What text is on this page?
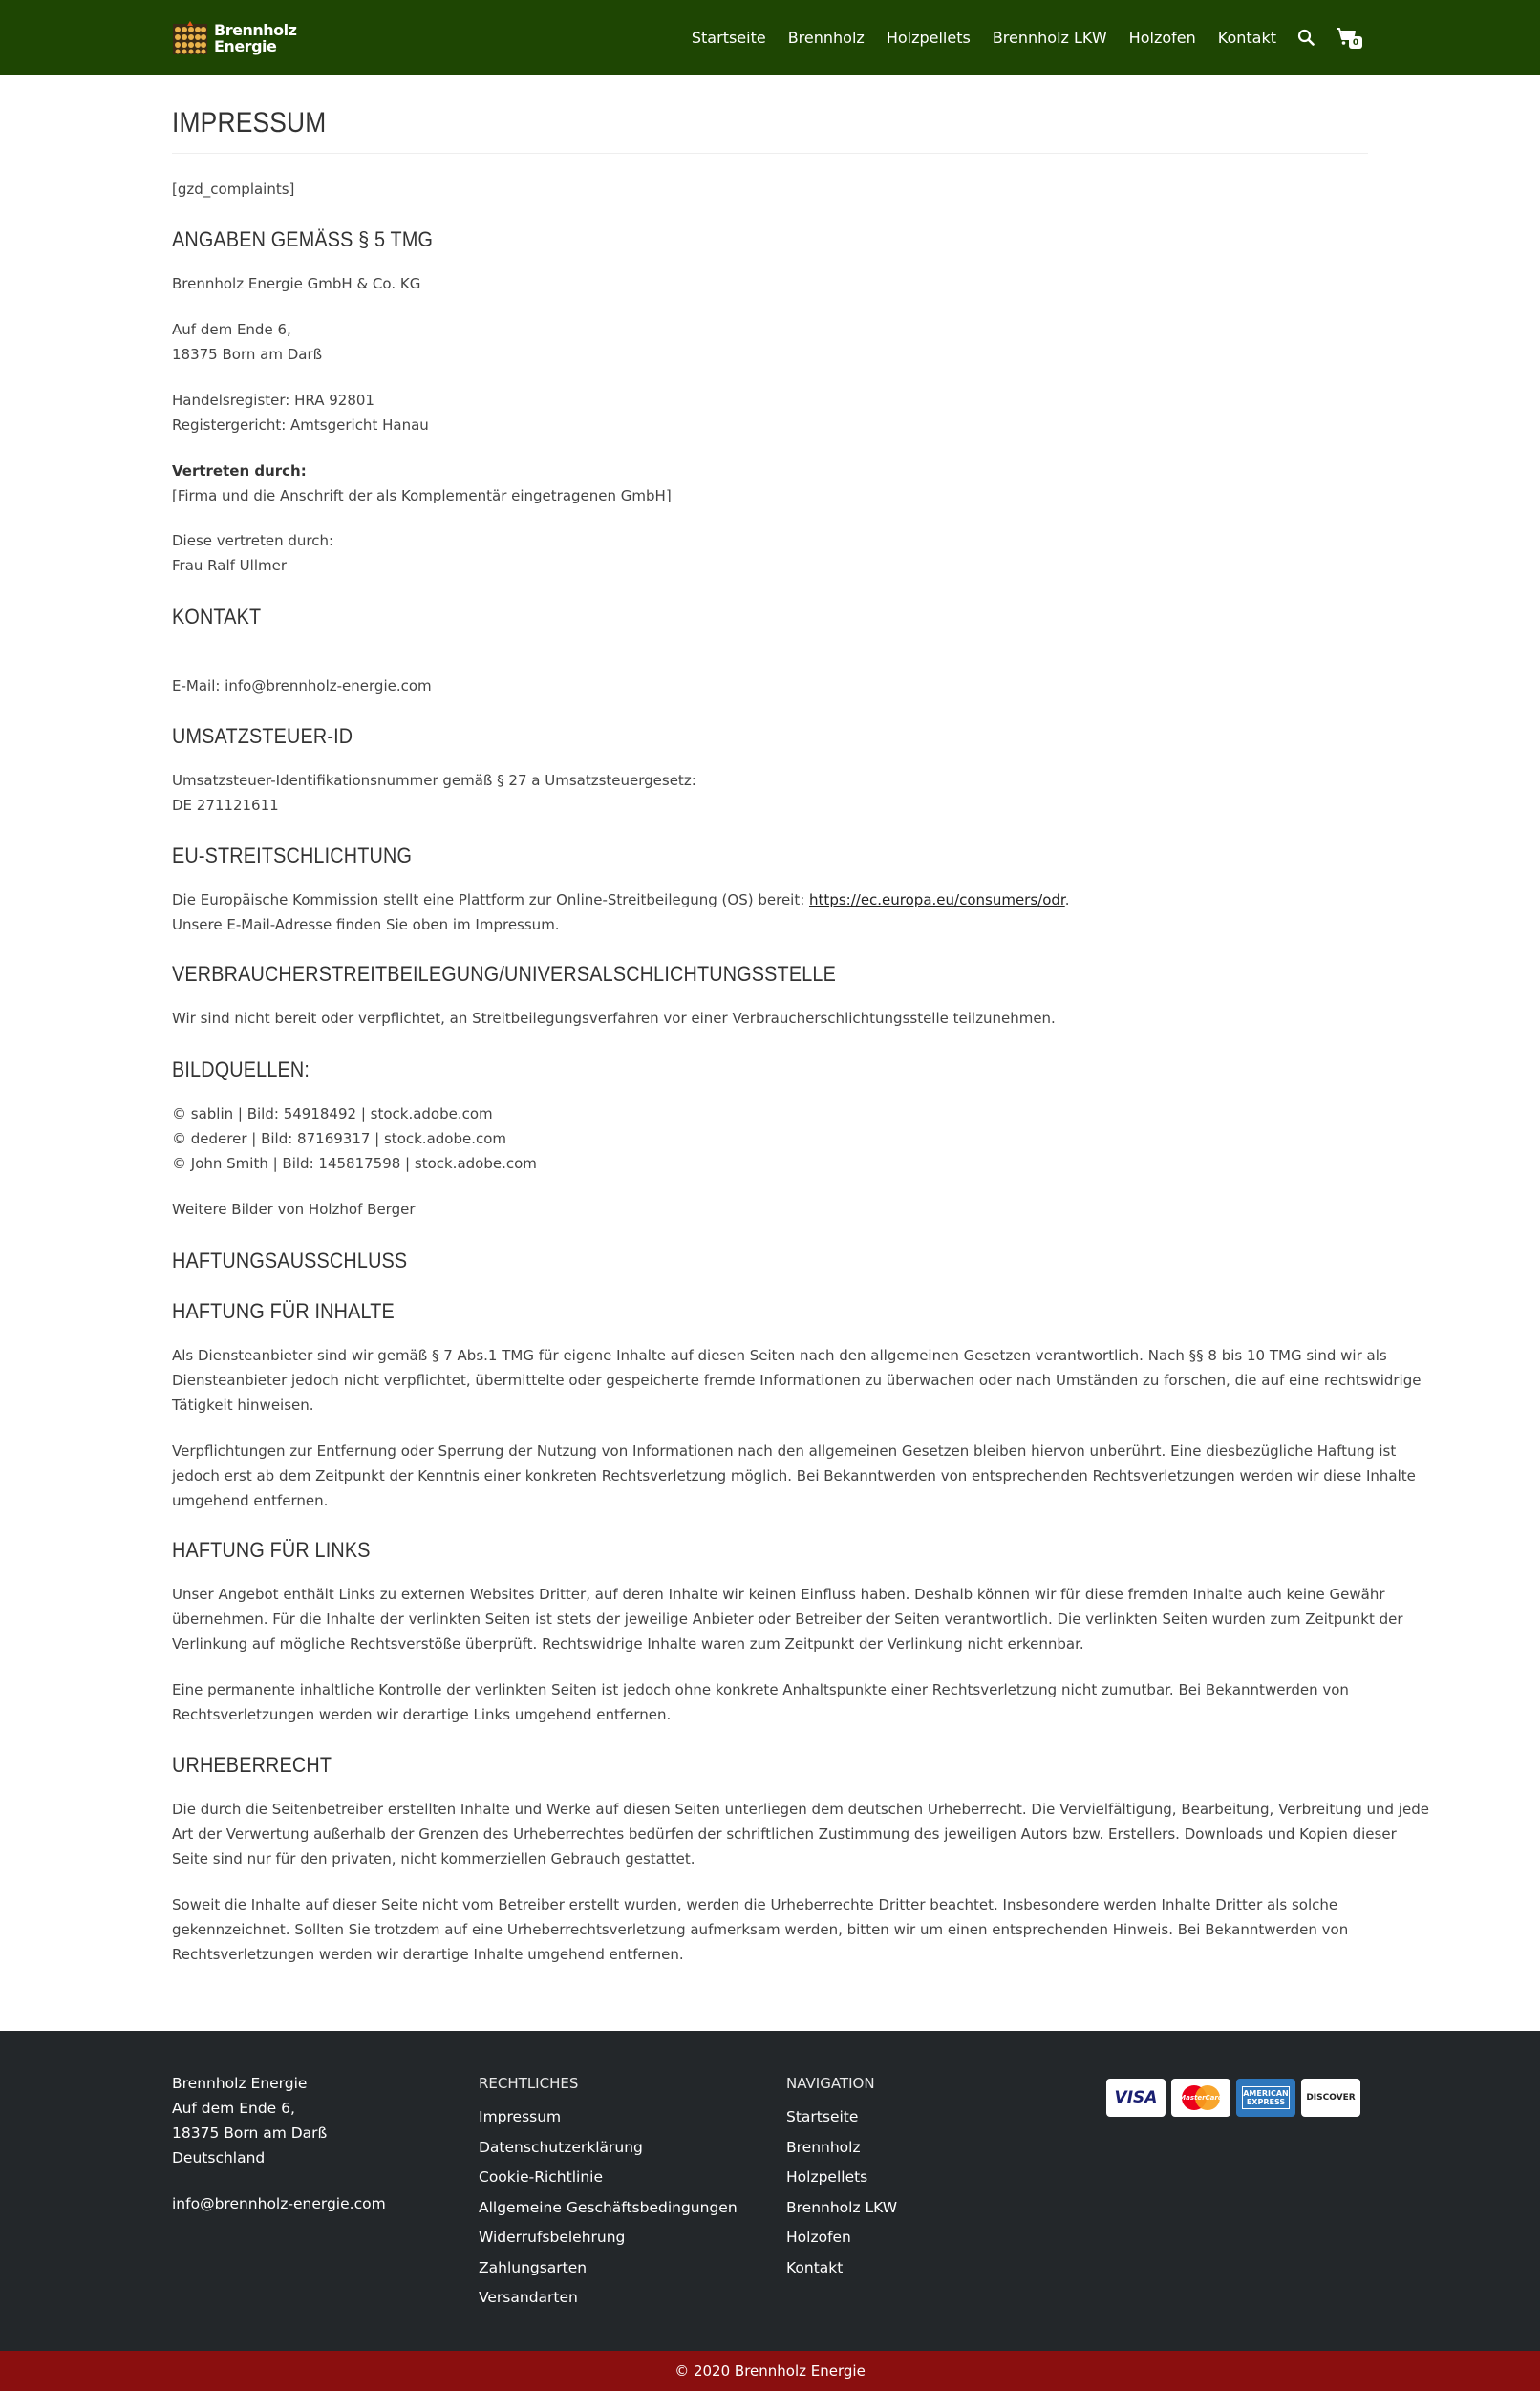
Brennholz
Energie	Startseite Brennholz Holzpellets Brennholz LKW Holzofen Kontakt	0
IMPRESSUM

[gzd_complaints]

ANGABEN GEMÄSS § 5 TMG

Brennholz Energie GmbH & Co. KG

Auf dem Ende 6,

18375 Born am Darß

Handelsregister: HRA 92801

Registergericht: Amtsgericht Hanau

Vertreten durch:

[Firma und die Anschrift der als Komplementär eingetragenen GmbH]

Diese vertreten durch:

Frau Ralf Ullmer

KONTAKT

E-Mail: info@brennholz-energie.com

UMSATZSTEUER-ID

Umsatzsteuer-Identifikationsnummer gemäß § 27 a Umsatzsteuergesetz:

DE 271121611

EU-STREITSCHLICHTUNG

Die Europäische Kommission stellt eine Plattform zur Online-Streitbeilegung (OS) bereit: https://ec.europa.eu/consumers/odr.

Unsere E-Mail-Adresse finden Sie oben im Impressum.

VERBRAUCHERSTREITBEILEGUNG/UNIVERSALSCHLICHTUNGSSTELLE

Wir sind nicht bereit oder verpflichtet, an Streitbeilegungsverfahren vor einer Verbraucherschlichtungsstelle teilzunehmen.

BILDQUELLEN:

© sablin | Bild: 54918492 | stock.adobe.com

© dederer | Bild: 87169317 | stock.adobe.com

© John Smith | Bild: 145817598 | stock.adobe.com

Weitere Bilder von Holzhof Berger

HAFTUNGSAUSSCHLUSS
HAFTUNG FÜR INHALTE

Als Diensteanbieter sind wir gemäß § 7 Abs.1 TMG für eigene Inhalte auf diesen Seiten nach den allgemeinen Gesetzen verantwortlich. Nach §§ 8 bis 10 TMG sind wir als

Diensteanbieter jedoch nicht verpflichtet, übermittelte oder gespeicherte fremde Informationen zu überwachen oder nach Umständen zu forschen, die auf eine rechtswidrige

Tätigkeit hinweisen.

Verpflichtungen zur Entfernung oder Sperrung der Nutzung von Informationen nach den allgemeinen Gesetzen bleiben hiervon unberührt. Eine diesbezügliche Haftung ist

jedoch erst ab dem Zeitpunkt der Kenntnis einer konkreten Rechtsverletzung möglich. Bei Bekanntwerden von entsprechenden Rechtsverletzungen werden wir diese Inhalte

umgehend entfernen.

HAFTUNG FÜR LINKS

Unser Angebot enthält Links zu externen Websites Dritter, auf deren Inhalte wir keinen Einfluss haben. Deshalb können wir für diese fremden Inhalte auch keine Gewähr

übernehmen. Für die Inhalte der verlinkten Seiten ist stets der jeweilige Anbieter oder Betreiber der Seiten verantwortlich. Die verlinkten Seiten wurden zum Zeitpunkt der

Verlinkung auf mögliche Rechtsverstöße überprüft. Rechtswidrige Inhalte waren zum Zeitpunkt der Verlinkung nicht erkennbar.

Eine permanente inhaltliche Kontrolle der verlinkten Seiten ist jedoch ohne konkrete Anhaltspunkte einer Rechtsverletzung nicht zumutbar. Bei Bekanntwerden von

Rechtsverletzungen werden wir derartige Links umgehend entfernen.

URHEBERRECHT

Die durch die Seitenbetreiber erstellten Inhalte und Werke auf diesen Seiten unterliegen dem deutschen Urheberrecht. Die Vervielfältigung, Bearbeitung, Verbreitung und jede

Art der Verwertung außerhalb der Grenzen des Urheberrechtes bedürfen der schriftlichen Zustimmung des jeweiligen Autors bzw. Erstellers. Downloads und Kopien dieser

Seite sind nur für den privaten, nicht kommerziellen Gebrauch gestattet.

Soweit die Inhalte auf dieser Seite nicht vom Betreiber erstellt wurden, werden die Urheberrechte Dritter beachtet. Insbesondere werden Inhalte Dritter als solche

gekennzeichnet. Sollten Sie trotzdem auf eine Urheberrechtsverletzung aufmerksam werden, bitten wir um einen entsprechenden Hinweis. Bei Bekanntwerden von

Rechtsverletzungen werden wir derartige Inhalte umgehend entfernen.

Brennholz Energie

Auf dem Ende 6,

18375 Born am Darß

Deutschland

info@brennholz-energie.com

RECHTLICHES
Impressum
Datenschutzerklärung
Cookie-Richtlinie
Allgemeine Geschäftsbedingungen
Widerrufsbelehrung
Zahlungsarten
Versandarten
NAVIGATION
Startseite
Brennholz
Holzpellets
Brennholz LKW
Holzofen
Kontakt
VISA	MasterCard	AMERICAN EXPRESS	DISCOVER
© 2020 Brennholz Energie
